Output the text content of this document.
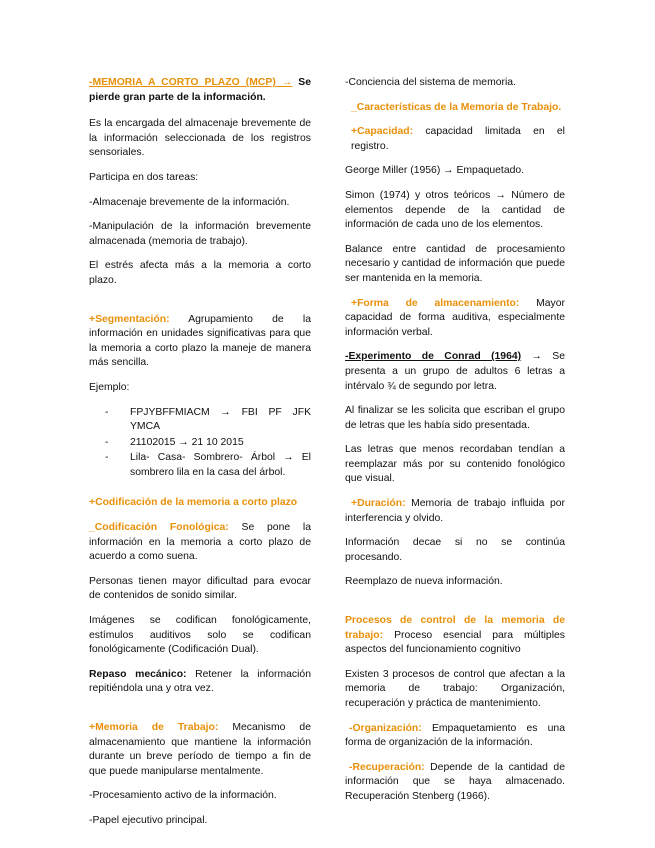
-MEMORIA A CORTO PLAZO (MCP) → Se pierde gran parte de la información.

Es la encargada del almacenaje brevemente de la información seleccionada de los registros sensoriales.

Participa en dos tareas:

-Almacenaje brevemente de la información.

-Manipulación de la información brevemente almacenada (memoria de trabajo).

El estrés afecta más a la memoria a corto plazo.

+Segmentación: Agrupamiento de la información en unidades significativas para que la memoria a corto plazo la maneje de manera más sencilla.

Ejemplo:

- FPJYBFFMIACM → FBI PF JFK YMCA
- 21102015 → 21 10 2015
- Lila- Casa- Sombrero- Árbol → El sombrero lila en la casa del árbol.

+Codificación de la memoria a corto plazo

_Codificación Fonológica: Se pone la información en la memoria a corto plazo de acuerdo a como suena.

Personas tienen mayor dificultad para evocar de contenidos de sonido similar.

Imágenes se codifican fonológicamente, estímulos auditivos solo se codifican fonológicamente (Codificación Dual).

Repaso mecánico: Retener la información repitiéndola una y otra vez.

+Memoria de Trabajo: Mecanismo de almacenamiento que mantiene la información durante un breve período de tiempo a fin de que puede manipularse mentalmente.

-Procesamiento activo de la información.

-Papel ejecutivo principal.

-Conciencia del sistema de memoria.

_Características de la Memoria de Trabajo.

+Capacidad: capacidad limitada en el registro.

George Miller (1956) → Empaquetado.

Simon (1974) y otros teóricos → Número de elementos depende de la cantidad de información de cada uno de los elementos.

Balance entre cantidad de procesamiento necesario y cantidad de información que puede ser mantenida en la memoria.

+Forma de almacenamiento: Mayor capacidad de forma auditiva, especialmente información verbal.

-Experimento de Conrad (1964) → Se presenta a un grupo de adultos 6 letras a intérvalo ¾ de segundo por letra.

Al finalizar se les solicita que escriban el grupo de letras que les había sido presentada.

Las letras que menos recordaban tendían a reemplazar más por su contenido fonológico que visual.

+Duración: Memoria de trabajo influida por interferencia y olvido.

Información decae si no se continúa procesando.

Reemplazo de nueva información.

Procesos de control de la memoria de trabajo: Proceso esencial para múltiples aspectos del funcionamiento cognitivo

Existen 3 procesos de control que afectan a la memoria de trabajo: Organización, recuperación y práctica de mantenimiento.

-Organización: Empaquetamiento es una forma de organización de la información.

-Recuperación: Depende de la cantidad de información que se haya almacenado. Recuperación Stenberg (1966).
